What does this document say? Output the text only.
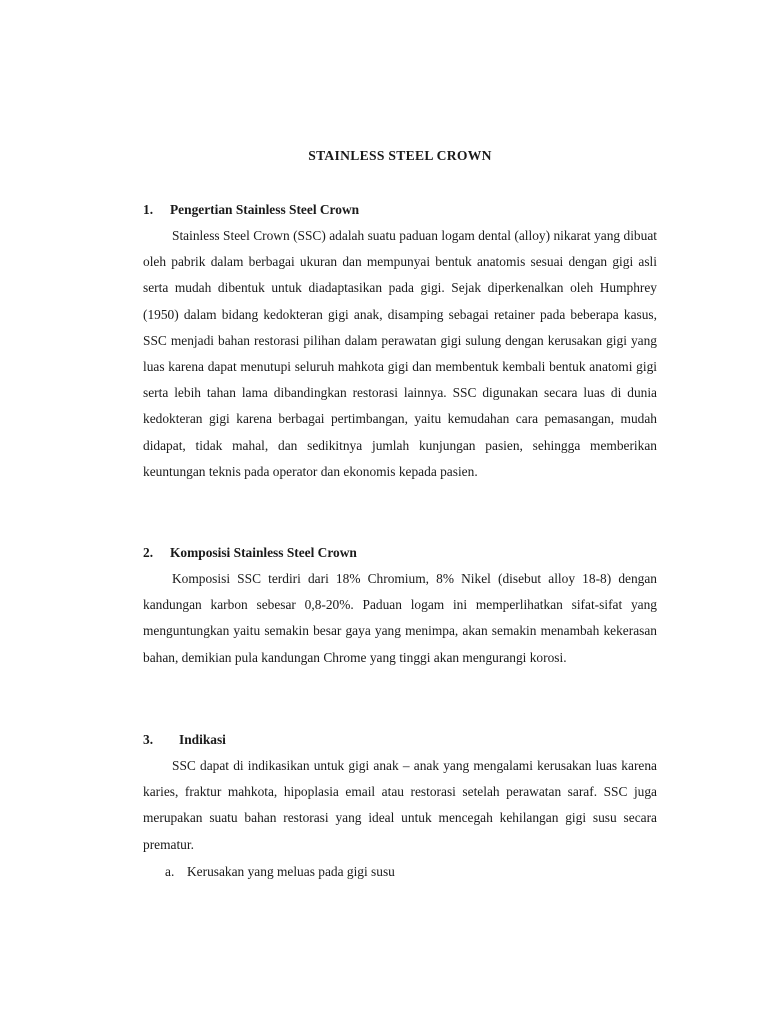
STAINLESS STEEL CROWN
1. Pengertian Stainless Steel Crown
Stainless Steel Crown (SSC) adalah suatu paduan logam dental (alloy) nikarat yang dibuat oleh pabrik dalam berbagai ukuran dan mempunyai bentuk anatomis sesuai dengan gigi asli serta mudah dibentuk untuk diadaptasikan pada gigi. Sejak diperkenalkan oleh Humphrey (1950) dalam bidang kedokteran gigi anak, disamping sebagai retainer pada beberapa kasus, SSC menjadi bahan restorasi pilihan dalam perawatan gigi sulung dengan kerusakan gigi yang luas karena dapat menutupi seluruh mahkota gigi dan membentuk kembali bentuk anatomi gigi serta lebih tahan lama dibandingkan restorasi lainnya. SSC digunakan secara luas di dunia kedokteran gigi karena berbagai pertimbangan, yaitu kemudahan cara pemasangan, mudah didapat, tidak mahal, dan sedikitnya jumlah kunjungan pasien, sehingga memberikan keuntungan teknis pada operator dan ekonomis kepada pasien.
2. Komposisi Stainless Steel Crown
Komposisi SSC terdiri dari 18% Chromium, 8% Nikel (disebut alloy 18-8) dengan kandungan karbon sebesar 0,8-20%. Paduan logam ini memperlihatkan sifat-sifat yang menguntungkan yaitu semakin besar gaya yang menimpa, akan semakin menambah kekerasan bahan, demikian pula kandungan Chrome yang tinggi akan mengurangi korosi.
3. Indikasi
SSC dapat di indikasikan untuk gigi anak – anak yang mengalami kerusakan luas karena karies, fraktur mahkota, hipoplasia email atau restorasi setelah perawatan saraf. SSC juga merupakan suatu bahan restorasi yang ideal untuk mencegah kehilangan gigi susu secara prematur.
a. Kerusakan yang meluas pada gigi susu
